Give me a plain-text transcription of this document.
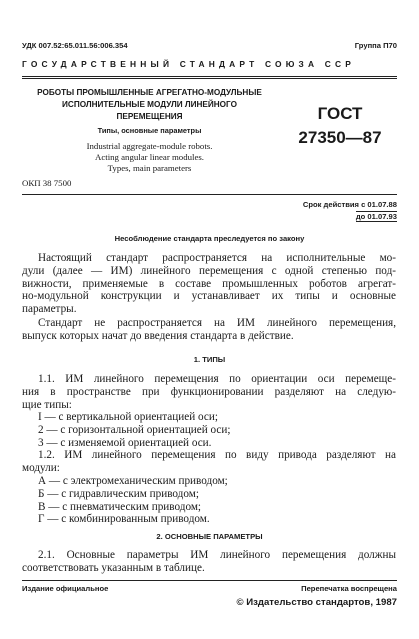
УДК 007.52:65.011.56:006.354	Группа П70
ГОСУДАРСТВЕННЫЙ СТАНДАРТ СОЮЗА ССР
РОБОТЫ ПРОМЫШЛЕННЫЕ АГРЕГАТНО-МОДУЛЬНЫЕ
ИСПОЛНИТЕЛЬНЫЕ МОДУЛИ ЛИНЕЙНОГО
ПЕРЕМЕЩЕНИЯ
Типы, основные параметры
Industrial aggregate-module robots.
Acting angular linear modules.
Types, main parameters
ОКП 38 7500
ГОСТ
27350—87
Срок действия с 01.07.88
до 01.07.93
Несоблюдение стандарта преследуется по закону
Настоящий стандарт распространяется на исполнительные мо-
дули (далее — ИМ) линейного перемещения с одной степенью под-
вижности, применяемые в составе промышленных роботов агрегат-
но-модульной конструкции и устанавливает их типы и основные
параметры.
Стандарт не распространяется на ИМ линейного перемещения,
выпуск которых начат до введения стандарта в действие.
1. ТИПЫ
1.1. ИМ линейного перемещения по ориентации оси перемеще-
ния в пространстве при функционировании разделяют на следую-
щие типы:
I — с вертикальной ориентацией оси;
2 — с горизонтальной ориентацией оси;
3 — с изменяемой ориентацией оси.
1.2. ИМ линейного перемещения по виду привода разделяют на
модули:
А — с электромеханическим приводом;
Б — с гидравлическим приводом;
В — с пневматическим приводом;
Г — с комбинированным приводом.
2. ОСНОВНЫЕ ПАРАМЕТРЫ
2.1. Основные параметры ИМ линейного перемещения должны
соответствовать указанным в таблице.
Издание официальное	Перепечатка воспрещена
© Издательство стандартов, 1987
